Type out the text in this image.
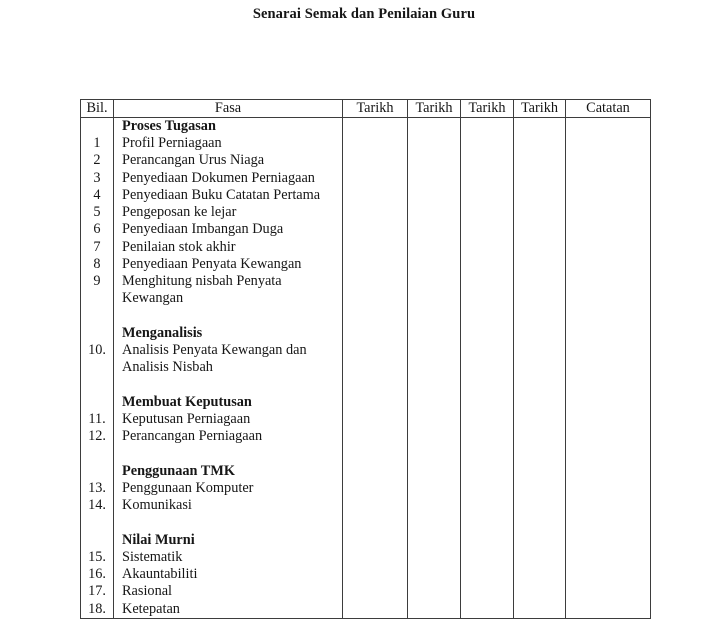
Senarai Semak dan Penilaian Guru
Bil.	Fasa	Tarikh	Tarikh	Tarikh	Tarikh	Catatan
	Proses Tugasan					
1	Profil Perniagaan					
2	Perancangan Urus Niaga					
3	Penyediaan Dokumen Perniagaan					
4	Penyediaan Buku Catatan Pertama					
5	Pengeposan ke lejar					
6	Penyediaan Imbangan Duga					
7	Penilaian stok akhir					
8	Penyediaan Penyata Kewangan					
9	Menghitung nisbah Penyata					
	Kewangan					

	Menganalisis					
10.	Analisis Penyata Kewangan dan					
	Analisis Nisbah					

	Membuat Keputusan					
11.	Keputusan Perniagaan					
12.	Perancangan Perniagaan					

	Penggunaan TMK					
13.	Penggunaan Komputer					
14.	Komunikasi					

	Nilai Murni					
15.	Sistematik					
16.	Akauntabiliti					
17.	Rasional					
18.	Ketepatan					
